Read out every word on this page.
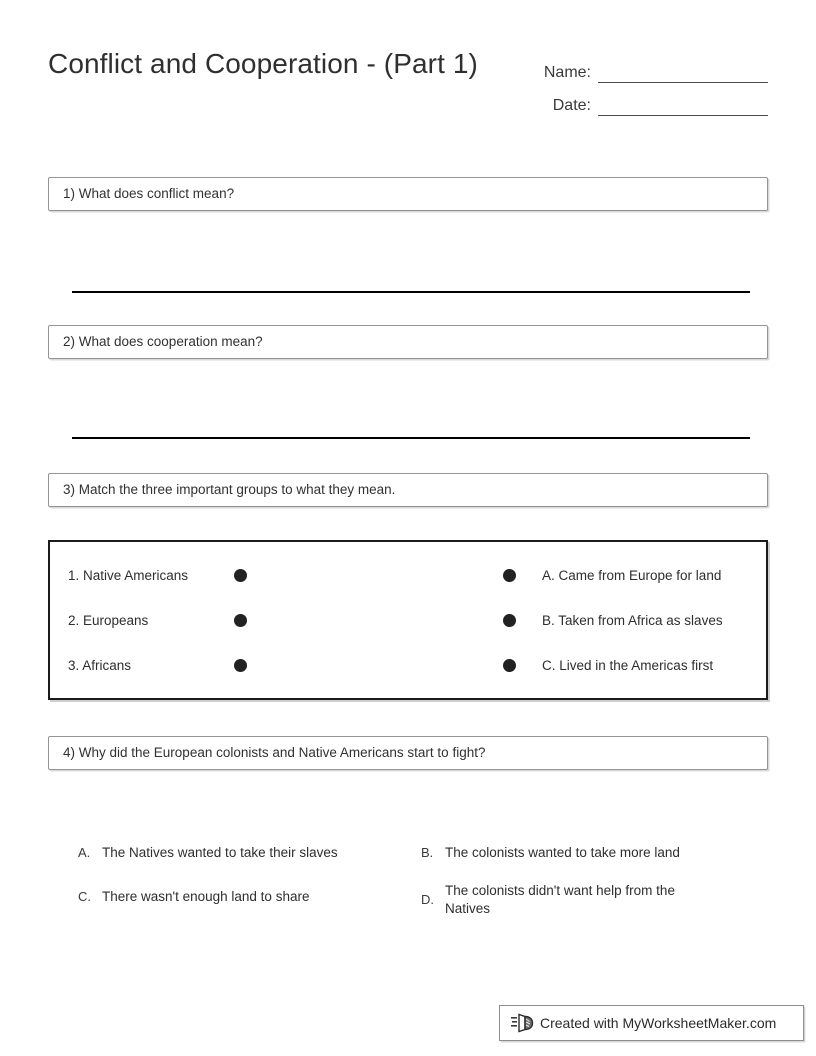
Conflict and Cooperation - (Part 1)	Name:
Date:
1) What does conflict mean?
2) What does cooperation mean?
3) Match the three important groups to what they mean.
1. Native Americans	A. Came from Europe for land
2. Europeans	B. Taken from Africa as slaves
3. Africans	C. Lived in the Americas first
4) Why did the European colonists and Native Americans start to fight?
A. The Natives wanted to take their slaves	B. The colonists wanted to take more land
C. There wasn't enough land to share	D.
The colonists didn't want help from the Natives
Created with MyWorksheetMaker.com
